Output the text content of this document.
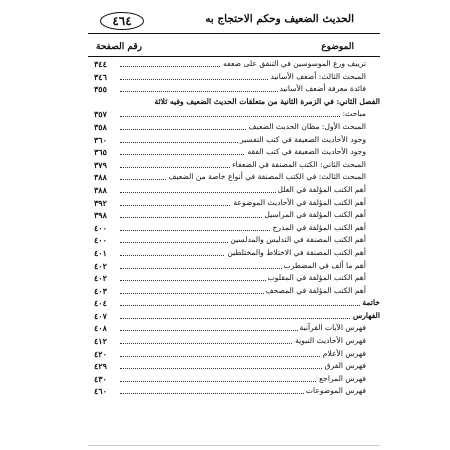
٤٦٤	الحديث الضعيف وحكم الاحتجاج به
الموضوع
رقم الصفحة
تزييف ورع الموسوسين في التنفق على ضعفه
٣٤٤
المبحث الثالث: أضعف الأسانيد
٣٤٦
فائدة معرفة أضعف الأسانيد
٣٥٥
الفصل الثاني: في الزمرة الثانية من متعلقات الحديث الضعيف وفيه ثلاثة
مباحث:
٣٥٧
المبحث الأول: مظان الحديث الضعيف
٣٥٨
وجود الأحاديث الضعيفة في كتب التفسير
٣٦٠
وجود الأحاديث الضعيفة في كتب الفقه
٣٦٥
المبحث الثاني: الكتب المصنفة في الضعفاء
٣٧٩
المبحث الثالث: في الكتب المصنفة في أنواع خاصة من الضعيف
٣٨٨
أهم الكتب المؤلفة في العلل
٣٨٨
أهم الكتب المؤلفة في الأحاديث الموضوعة
٣٩٢
أهم الكتب المؤلفة في المراسيل
٣٩٨
أهم الكتب المؤلفة في المدرج
٤٠٠
أهم الكتب المصنفة في التدليس والمدلسين
٤٠٠
أهم الكتب المصنفة في الاختلاط والمختلطين
٤٠١
أهم ما ألف في المضطرب
٤٠٢
أهم الكتب المؤلفة في المقلوب
٤٠٢
أهم الكتب المؤلفة في المصحف
٤٠٣
خاتمة
٤٠٤
الفهارس
٤٠٧
فهرس الآيات القرآنية
٤٠٨
فهرس الأحاديث النبوية
٤١٢
فهرس الأعلام
٤٢٠
فهرس الفرق
٤٢٩
فهرس المراجع
٤٣٠
فهرس الموضوعات
٤٦٠
